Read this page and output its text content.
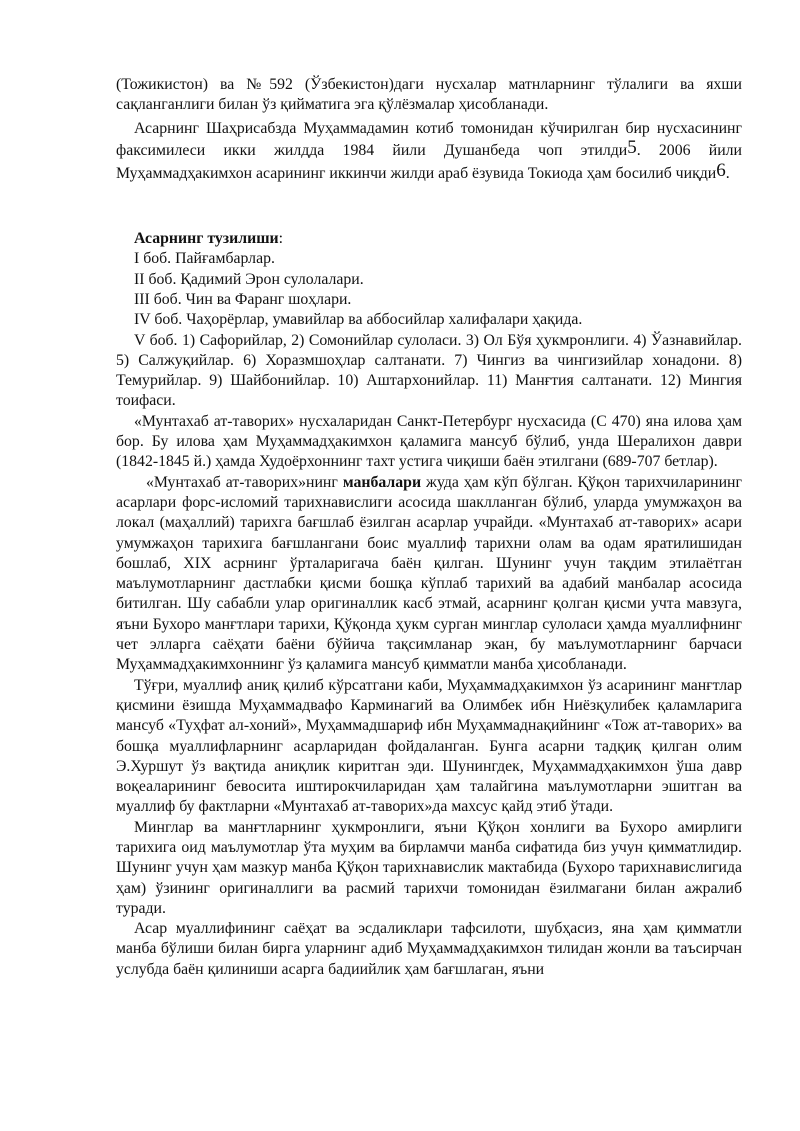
(Тожикистон) ва №592 (Ўзбекистон)даги нусхалар матнларнинг тўлалиги ва яхши сақланганлиги билан ўз қийматига эга қўлёзмалар ҳисобланади.

Асарнинг Шаҳрисабзда Муҳаммадамин котиб томонидан кўчирилган бир нусхасининг факсимилеси икки жилдда 1984 йили Душанбеда чоп этилди5. 2006 йили Муҳаммадҳакимхон асарининг иккинчи жилди араб ёзувида Токиода ҳам босилиб чиқди6.

Асарнинг тузилиши:

I боб. Пайғамбарлар.

II боб. Қадимий Эрон сулолалари.

III боб. Чин ва Фаранг шоҳлари.

IV боб. Чаҳорёрлар, умавийлар ва аббосийлар халифалари ҳақида.

V боб. 1) Сафорийлар, 2) Сомонийлар сулоласи. 3) Ол Бўя ҳукмронлиги. 4) Ўазнавийлар. 5) Салжуқийлар. 6) Хоразмшоҳлар салтанати. 7) Чингиз ва чингизийлар хонадони. 8) Темурийлар. 9) Шайбонийлар. 10) Аштархонийлар. 11) Манғтия салтанати. 12) Мингия тоифаси.

«Мунтахаб ат-таворих» нусхаларидан Санкт-Петербург нусхасида (С 470) яна илова ҳам бор. Бу илова ҳам Муҳаммадҳакимхон қаламига мансуб бўлиб, унда Шералихон даври (1842-1845 й.) ҳамда Худоёрхоннинг тахт устига чиқиши баён этилгани (689-707 бетлар).

«Мунтахаб ат-таворих»нинг манбалари жуда ҳам кўп бўлган. Қўқон тарихчиларининг асарлари форс-исломий тарихнавислиги асосида шаклланган бўлиб, уларда умумжаҳон ва локал (маҳаллий) тарихга бағшлаб ёзилган асарлар учрайди. «Мунтахаб ат-таворих» асари умумжаҳон тарихига бағшлангани боис муаллиф тарихни олам ва одам яратилишидан бошлаб, XIX асрнинг ўрталаригача баён қилган. Шунинг учун тақдим этилаётган маълумотларнинг дастлабки қисми бошқа кўплаб тарихий ва адабий манбалар асосида битилган. Шу сабабли улар оригиналлик касб этмай, асарнинг қолган қисми учта мавзуга, яъни Бухоро манғтлари тарихи, Қўқонда ҳукм сурган минглар сулоласи ҳамда муаллифнинг чет элларга саёҳати баёни бўйича тақсимланар экан, бу маълумотларнинг барчаси Муҳаммадҳакимхоннинг ўз қаламига мансуб қимматли манба ҳисобланади.

Тўғри, муаллиф аниқ қилиб кўрсатгани каби, Муҳаммадҳакимхон ўз асарининг манғтлар қисмини ёзишда Муҳаммадвафо Карминагий ва Олимбек ибн Ниёзқулибек қаламларига мансуб «Туҳфат ал-хоний», Муҳаммадшариф ибн Муҳаммаднақийнинг «Тож ат-таворих» ва бошқа муаллифларнинг асарларидан фойдаланган. Бунга асарни тадқиқ қилган олим Э.Хуршут ўз вақтида аниқлик киритган эди. Шунингдек, Муҳаммадҳакимхон ўша давр воқеаларининг бевосита иштирокчиларидан ҳам талайгина маълумотларни эшитган ва муаллиф бу фактларни «Мунтахаб ат-таворих»да махсус қайд этиб ўтади.

Минглар ва манғтларнинг ҳукмронлиги, яъни Қўқон хонлиги ва Бухоро амирлиги тарихига оид маълумотлар ўта муҳим ва бирламчи манба сифатида биз учун қимматлидир. Шунинг учун ҳам мазкур манба Қўқон тарихнавислик мактабида (Бухоро тарихнавислигида ҳам) ўзининг оригиналлиги ва расмий тарихчи томонидан ёзилмагани билан ажралиб туради.

Асар муаллифининг саёҳат ва эсдаликлари тафсилоти, шубҳасиз, яна ҳам қимматли манба бўлиши билан бирга уларнинг адиб Муҳаммадҳакимхон тилидан жонли ва таъсирчан услубда баён қилиниши асарга бадиийлик ҳам бағшлаган, яъни
